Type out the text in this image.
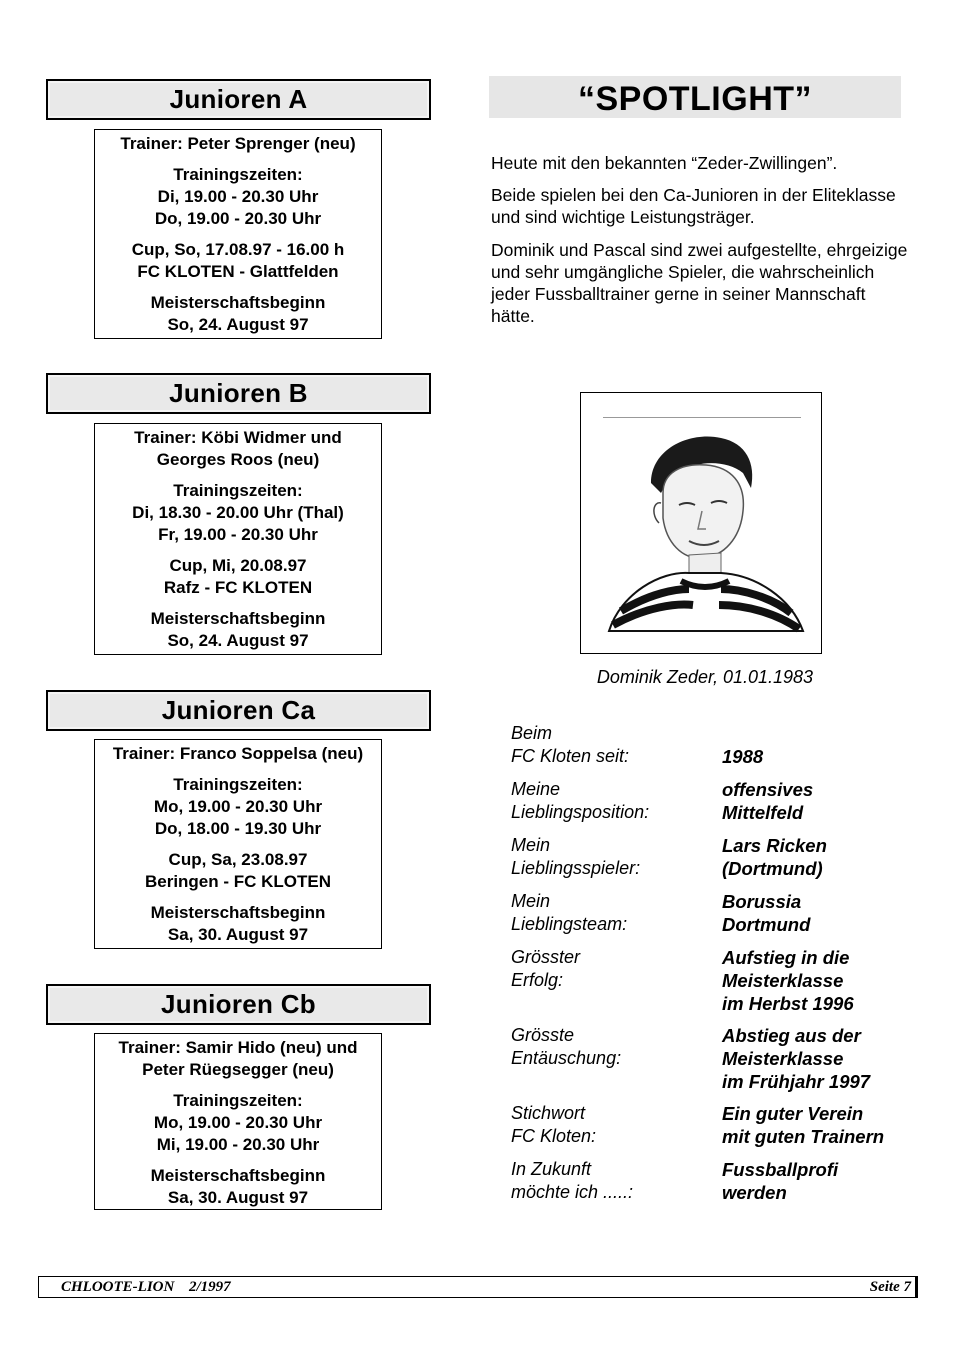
Junioren A
Trainer: Peter Sprenger (neu)
Trainingszeiten:
Di, 19.00 - 20.30 Uhr
Do, 19.00 - 20.30 Uhr
Cup, So, 17.08.97 - 16.00 h
FC KLOTEN - Glattfelden
Meisterschaftsbeginn
So, 24. August 97
Junioren B
Trainer: Köbi Widmer und
Georges Roos (neu)
Trainingszeiten:
Di, 18.30 - 20.00 Uhr (Thal)
Fr, 19.00 - 20.30 Uhr
Cup, Mi, 20.08.97
Rafz - FC KLOTEN
Meisterschaftsbeginn
So, 24. August 97
Junioren Ca
Trainer: Franco Soppelsa (neu)
Trainingszeiten:
Mo, 19.00 - 20.30 Uhr
Do, 18.00 - 19.30 Uhr
Cup, Sa, 23.08.97
Beringen - FC KLOTEN
Meisterschaftsbeginn
Sa, 30. August 97
Junioren Cb
Trainer: Samir Hido (neu) und
Peter Rüegsegger (neu)
Trainingszeiten:
Mo, 19.00 - 20.30 Uhr
Mi, 19.00 - 20.30 Uhr
Meisterschaftsbeginn
Sa, 30. August 97
“SPOTLIGHT”
Heute mit den bekannten “Zeder-Zwillingen”.
Beide spielen bei den Ca-Junioren in der Eliteklasse und sind wichtige Leistungsträger.
Dominik und Pascal sind zwei aufgestellte, ehrgeizige und sehr umgängliche Spieler, die wahrscheinlich jeder Fussballtrainer gerne in seiner Mannschaft hätte.
Dominik Zeder, 01.01.1983
Beim
FC Kloten seit:	1988
Meine
Lieblingsposition:
offensives
Mittelfeld
Mein
Lieblingsspieler:
Lars Ricken
(Dortmund)
Mein
Lieblingsteam:
Borussia
Dortmund
Grösster
Erfolg:
Aufstieg in die
Meisterklasse
im Herbst 1996
Grösste
Entäuschung:
Abstieg aus der
Meisterklasse
im Frühjahr 1997
Stichwort
FC Kloten:
Ein guter Verein
mit guten Trainern
In Zukunft
möchte ich .....:
Fussballprofi
werden
CHLOOTE-LION 2/1997	Seite 7
